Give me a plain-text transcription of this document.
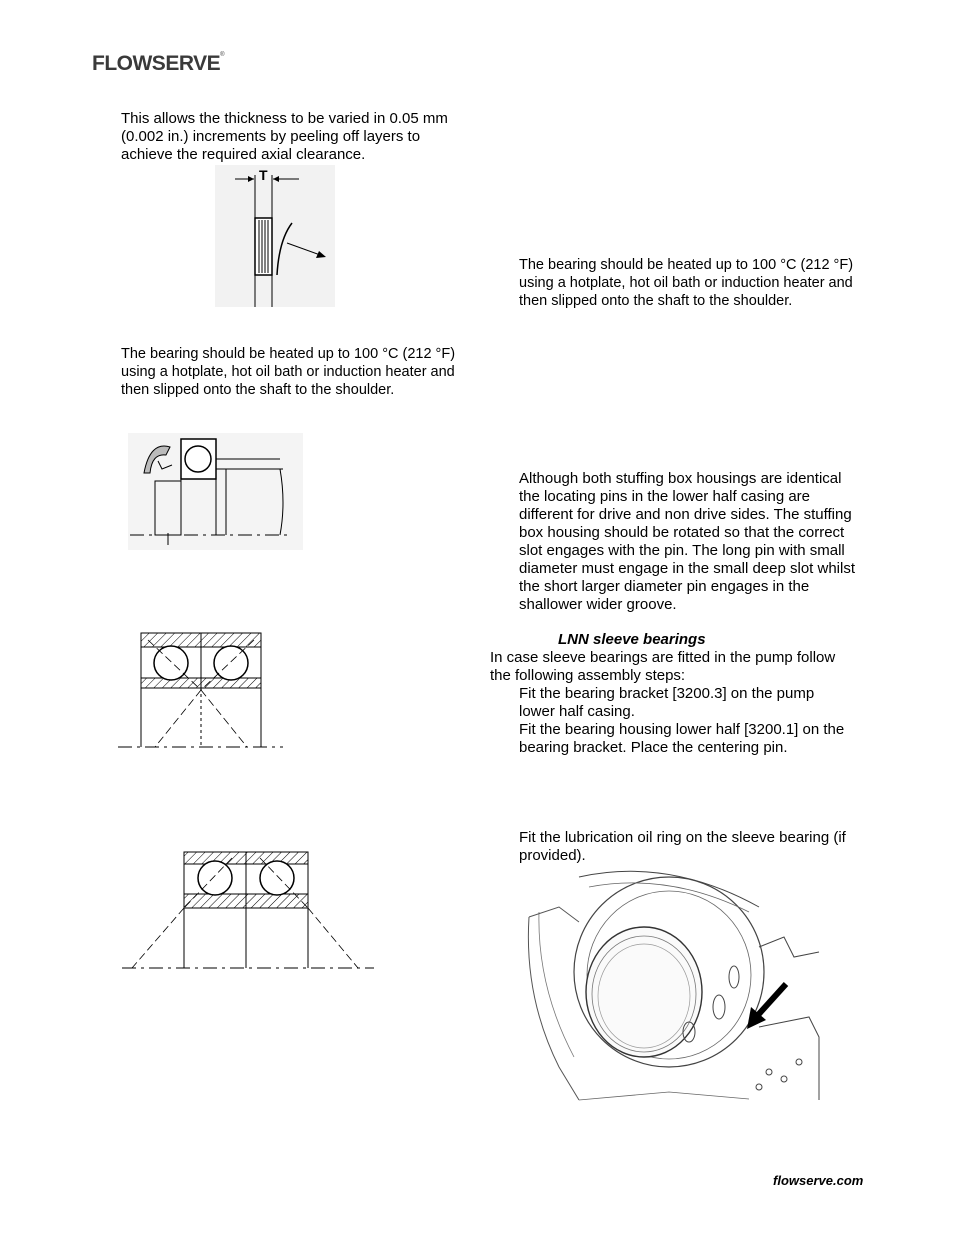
FLOWSERVE®
This allows the thickness to be varied in 0.05 mm (0.002 in.) increments by peeling off layers to achieve the required axial clearance.
T
The bearing should be heated up to 100 °C (212 °F) using a hotplate, hot oil bath or induction heater and then slipped onto the shaft to the shoulder.
The bearing should be heated up to 100 °C (212 °F) using a hotplate, hot oil bath or induction heater and then slipped onto the shaft to the shoulder.
Although both stuffing box housings are identical the locating pins in the lower half casing are different for drive and non drive sides. The stuffing box housing should be rotated so that the correct slot engages with the pin. The long pin with small diameter must engage in the small deep slot whilst the short larger diameter pin engages in the shallower wider groove.
LNN sleeve bearings
In case sleeve bearings are fitted in the pump follow the following assembly steps:
Fit the bearing bracket [3200.3] on the pump lower half casing.
Fit the bearing housing lower half [3200.1] on the bearing bracket. Place the centering pin.
Fit the lubrication oil ring on the sleeve bearing (if provided).
flowserve.com
